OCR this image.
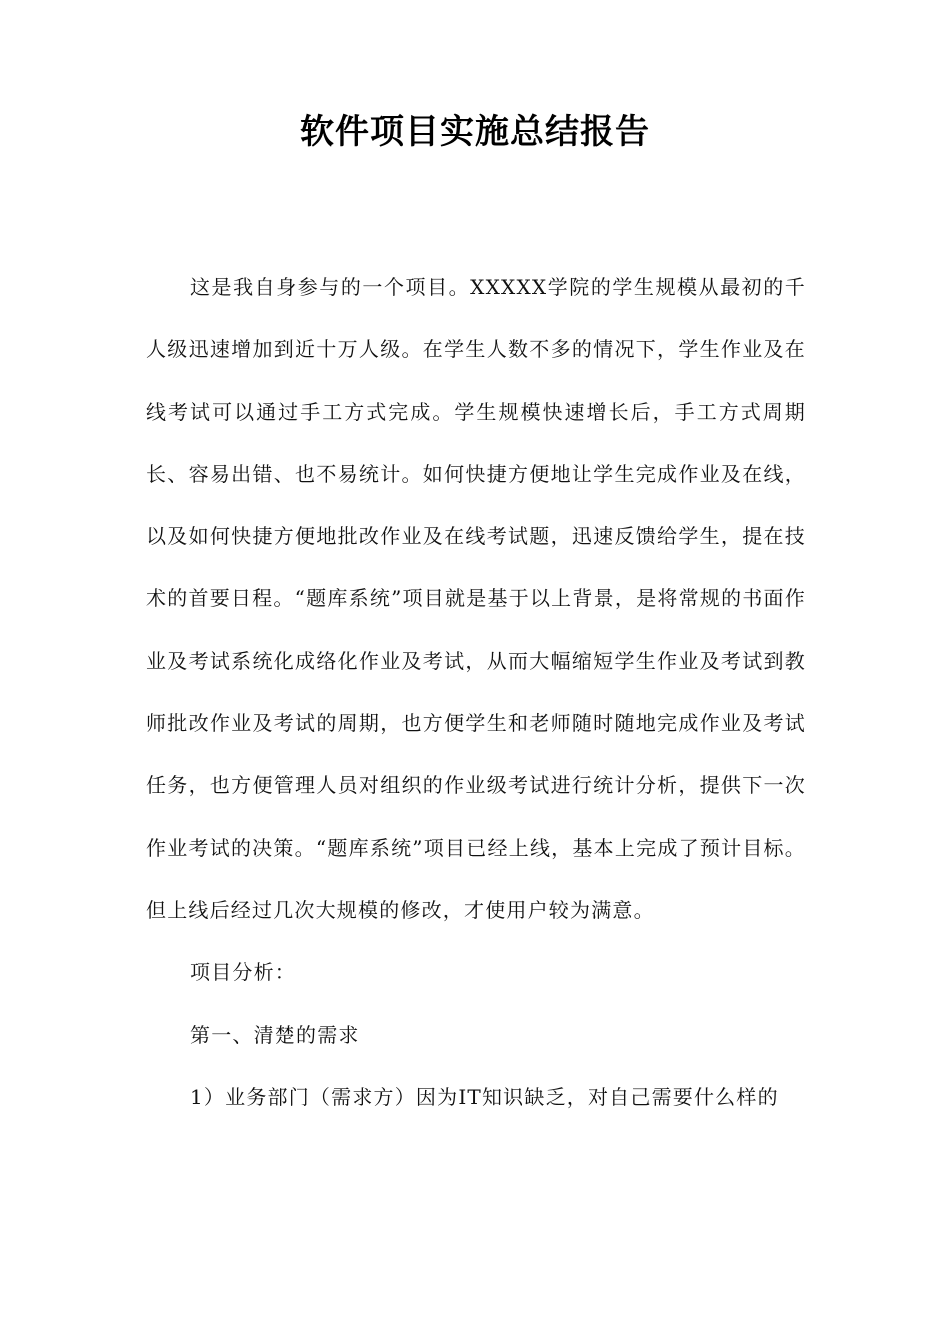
软件项目实施总结报告

这是我自身参与的一个项目。XXXXX学院的学生规模从最初的千人级迅速增加到近十万人级。在学生人数不多的情况下，学生作业及在线考试可以通过手工方式完成。学生规模快速增长后，手工方式周期长、容易出错、也不易统计。如何快捷方便地让学生完成作业及在线，以及如何快捷方便地批改作业及在线考试题，迅速反馈给学生，提在技术的首要日程。“题库系统”项目就是基于以上背景，是将常规的书面作业及考试系统化成络化作业及考试，从而大幅缩短学生作业及考试到教师批改作业及考试的周期，也方便学生和老师随时随地完成作业及考试任务，也方便管理人员对组织的作业级考试进行统计分析，提供下一次作业考试的决策。“题库系统”项目已经上线，基本上完成了预计目标。但上线后经过几次大规模的修改，才使用户较为满意。

项目分析：

第一、清楚的需求

1）业务部门（需求方）因为IT知识缺乏，对自己需要什么样的
